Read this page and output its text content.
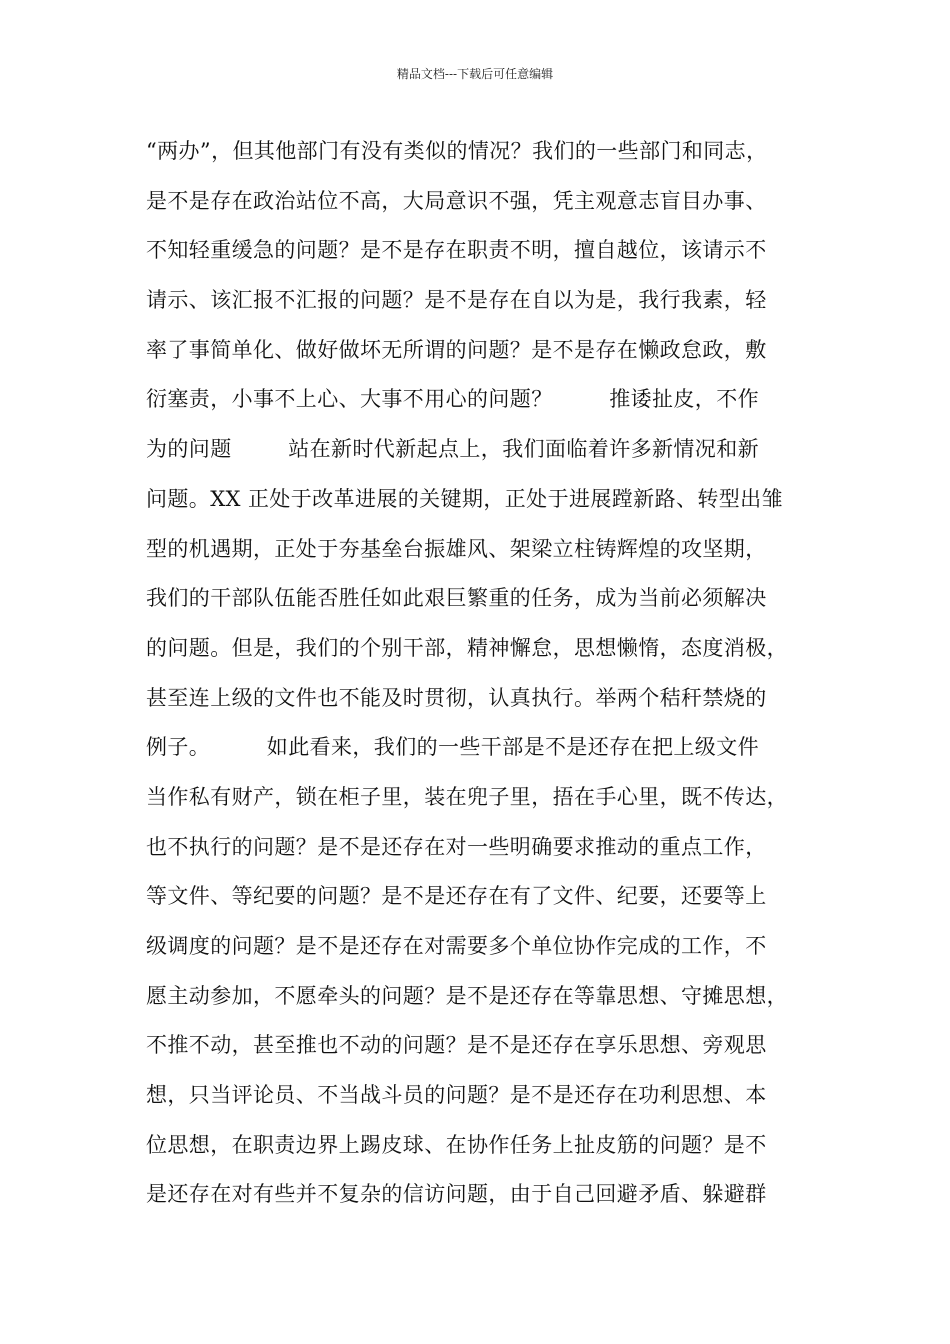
精品文档---下载后可任意编辑
“两办”，但其他部门有没有类似的情况？我们的一些部门和同志，
是不是存在政治站位不高，大局意识不强，凭主观意志盲目办事、
不知轻重缓急的问题？是不是存在职责不明，擅自越位，该请示不
请示、该汇报不汇报的问题？是不是存在自以为是，我行我素，轻
率了事简单化、做好做坏无所谓的问题？是不是存在懒政怠政，敷
衍塞责，小事不上心、大事不用心的问题？        推诿扯皮，不作
为的问题        站在新时代新起点上，我们面临着许多新情况和新
问题。XX 正处于改革进展的关键期，正处于进展蹚新路、转型出雏
型的机遇期，正处于夯基垒台振雄风、架梁立柱铸辉煌的攻坚期，
我们的干部队伍能否胜任如此艰巨繁重的任务，成为当前必须解决
的问题。但是，我们的个别干部，精神懈怠，思想懒惰，态度消极，
甚至连上级的文件也不能及时贯彻，认真执行。举两个秸秆禁烧的
例子。        如此看来，我们的一些干部是不是还存在把上级文件
当作私有财产，锁在柜子里，装在兜子里，捂在手心里，既不传达，
也不执行的问题？是不是还存在对一些明确要求推动的重点工作，
等文件、等纪要的问题？是不是还存在有了文件、纪要，还要等上
级调度的问题？是不是还存在对需要多个单位协作完成的工作，不
愿主动参加，不愿牵头的问题？是不是还存在等靠思想、守摊思想，
不推不动，甚至推也不动的问题？是不是还存在享乐思想、旁观思
想，只当评论员、不当战斗员的问题？是不是还存在功利思想、本
位思想，在职责边界上踢皮球、在协作任务上扯皮筋的问题？是不
是还存在对有些并不复杂的信访问题，由于自己回避矛盾、躲避群
